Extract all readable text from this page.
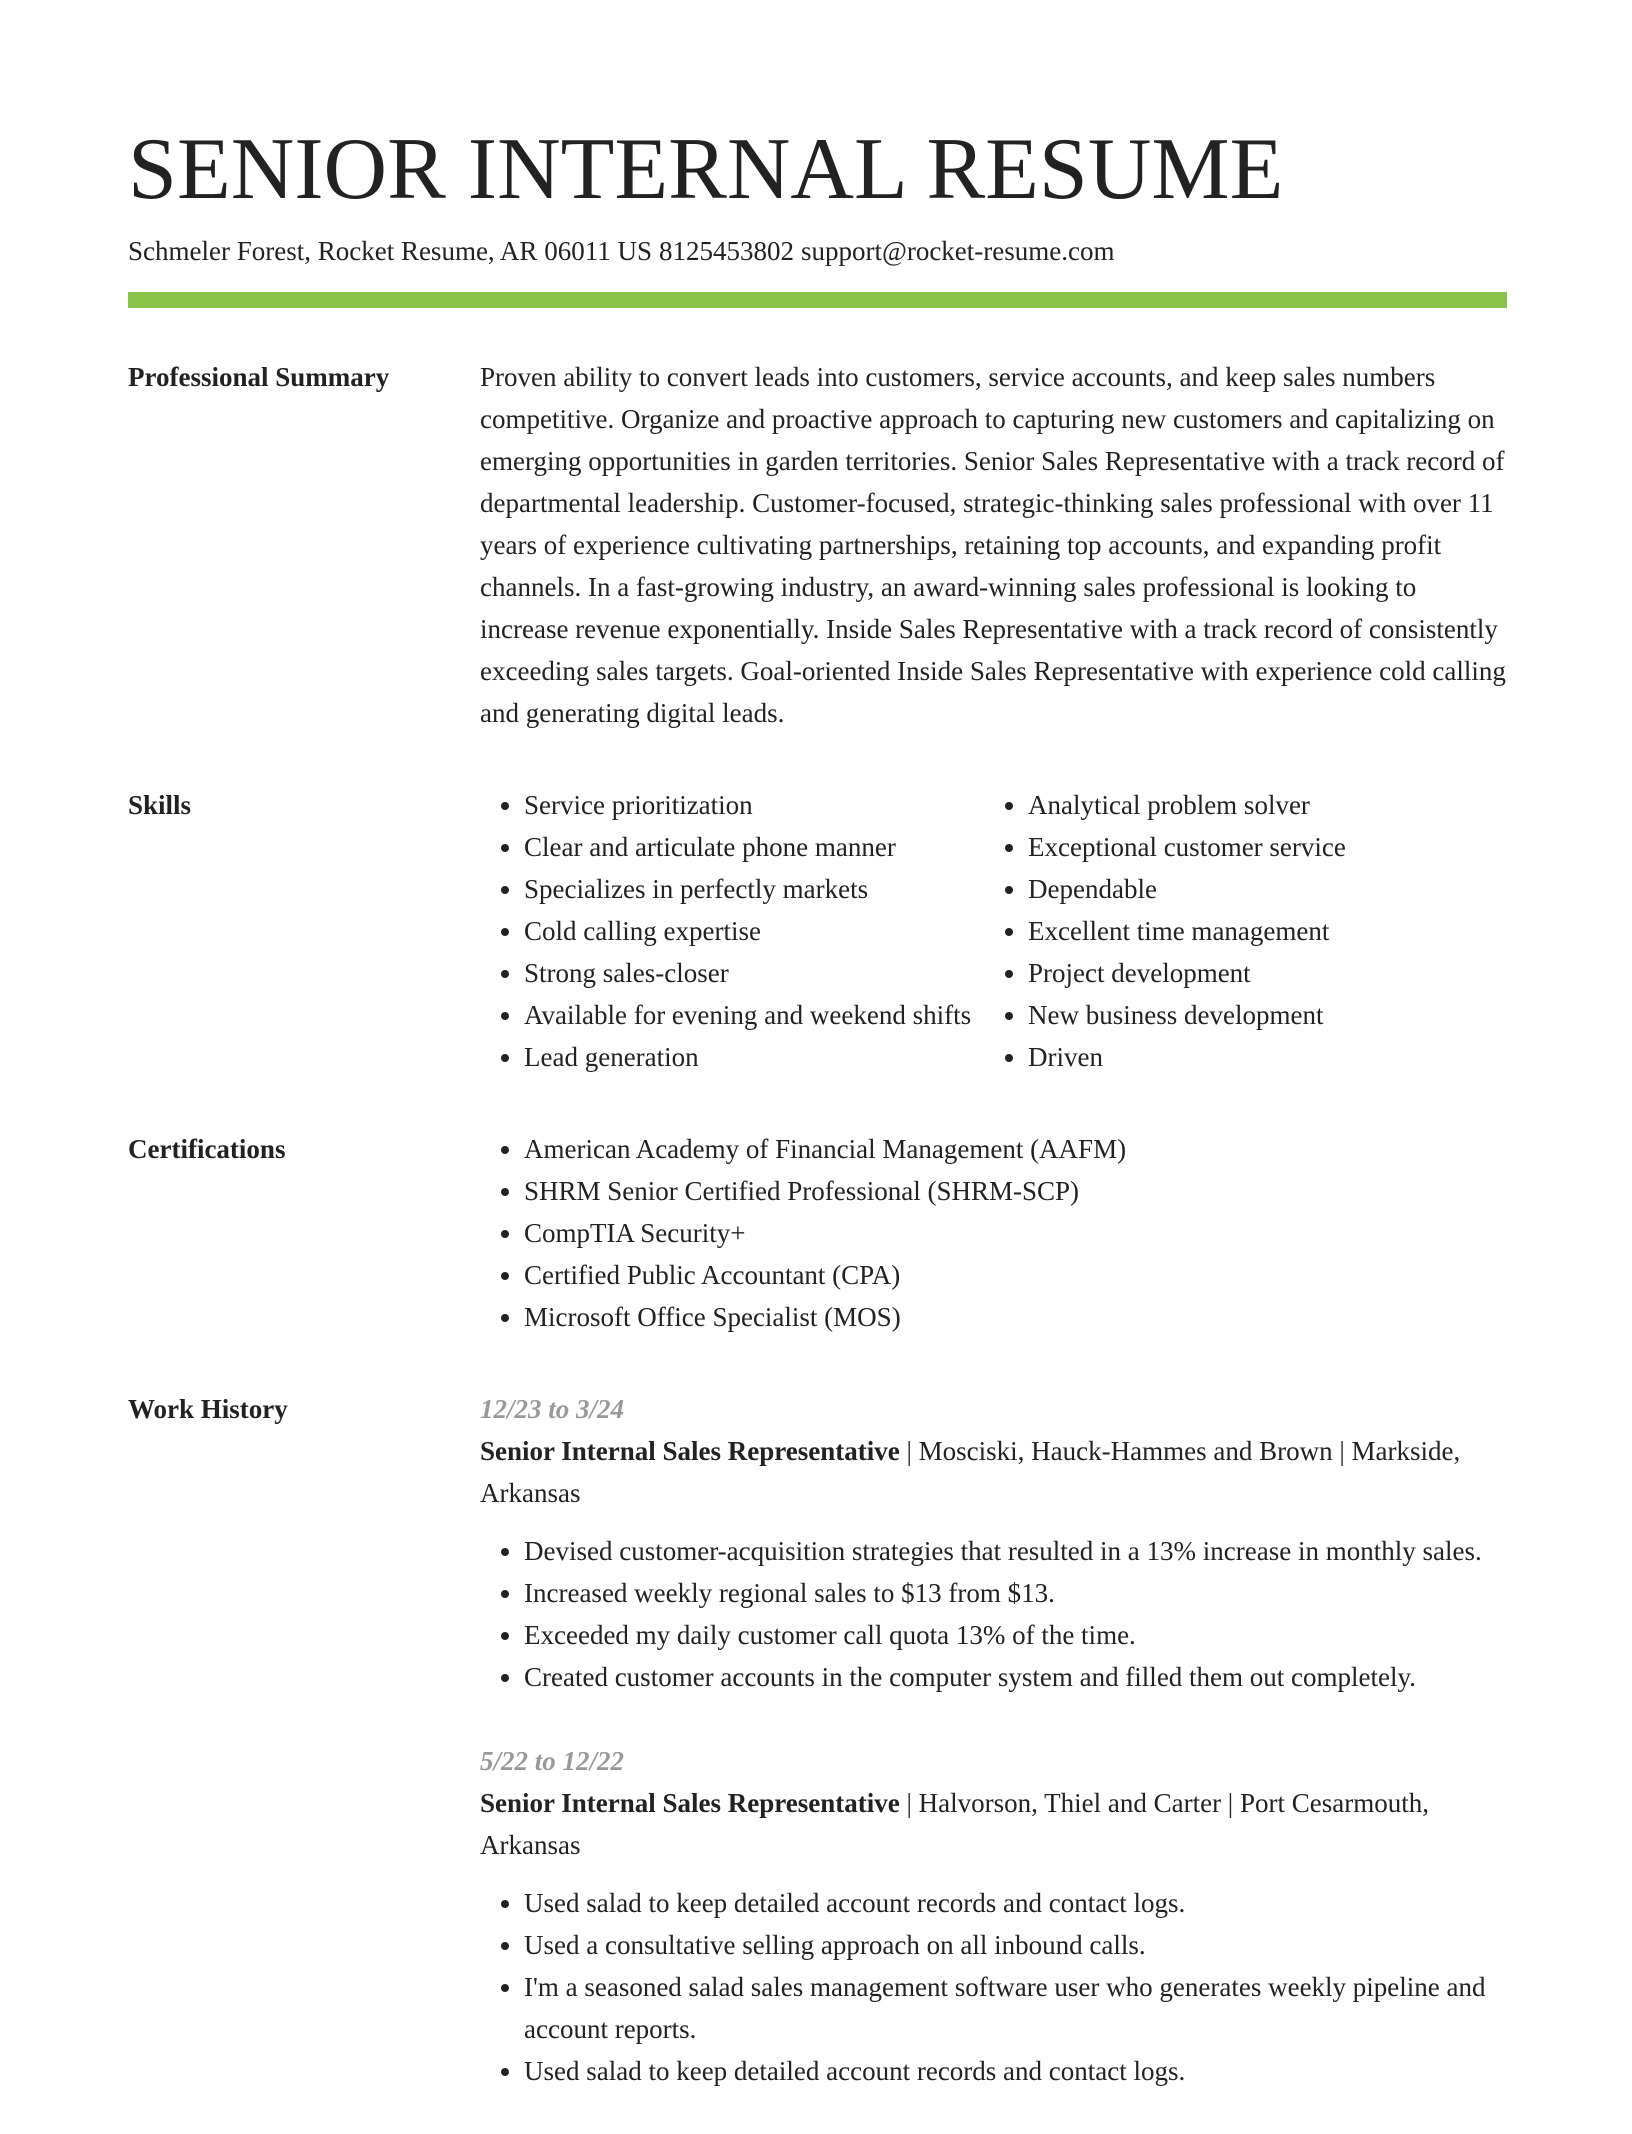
SENIOR INTERNAL RESUME
Schmeler Forest, Rocket Resume, AR 06011 US 8125453802 support@rocket-resume.com
Professional Summary	Proven ability to convert leads into customers, service accounts, and keep sales numbers competitive. Organize and proactive approach to capturing new customers and capitalizing on emerging opportunities in garden territories. Senior Sales Representative with a track record of departmental leadership. Customer-focused, strategic-thinking sales professional with over 11 years of experience cultivating partnerships, retaining top accounts, and expanding profit channels. In a fast-growing industry, an award-winning sales professional is looking to increase revenue exponentially. Inside Sales Representative with a track record of consistently exceeding sales targets. Goal-oriented Inside Sales Representative with experience cold calling and generating digital leads.

Skills	• Service prioritization
• Clear and articulate phone manner
• Specializes in perfectly markets
• Cold calling expertise
• Strong sales-closer
• Available for evening and weekend shifts
• Lead generation
• Analytical problem solver
• Exceptional customer service
• Dependable
• Excellent time management
• Project development
• New business development
• Driven
Certifications	• American Academy of Financial Management (AAFM)
• SHRM Senior Certified Professional (SHRM-SCP)
• CompTIA Security+
• Certified Public Accountant (CPA)
• Microsoft Office Specialist (MOS)
Work History	12/23 to 3/24
Senior Internal Sales Representative | Mosciski, Hauck-Hammes and Brown | Markside, Arkansas
• Devised customer-acquisition strategies that resulted in a 13% increase in monthly sales.
• Increased weekly regional sales to $13 from $13.
• Exceeded my daily customer call quota 13% of the time.
• Created customer accounts in the computer system and filled them out completely.
5/22 to 12/22
Senior Internal Sales Representative | Halvorson, Thiel and Carter | Port Cesarmouth, Arkansas
• Used salad to keep detailed account records and contact logs.
• Used a consultative selling approach on all inbound calls.
• I'm a seasoned salad sales management software user who generates weekly pipeline and account reports.
• Used salad to keep detailed account records and contact logs.
